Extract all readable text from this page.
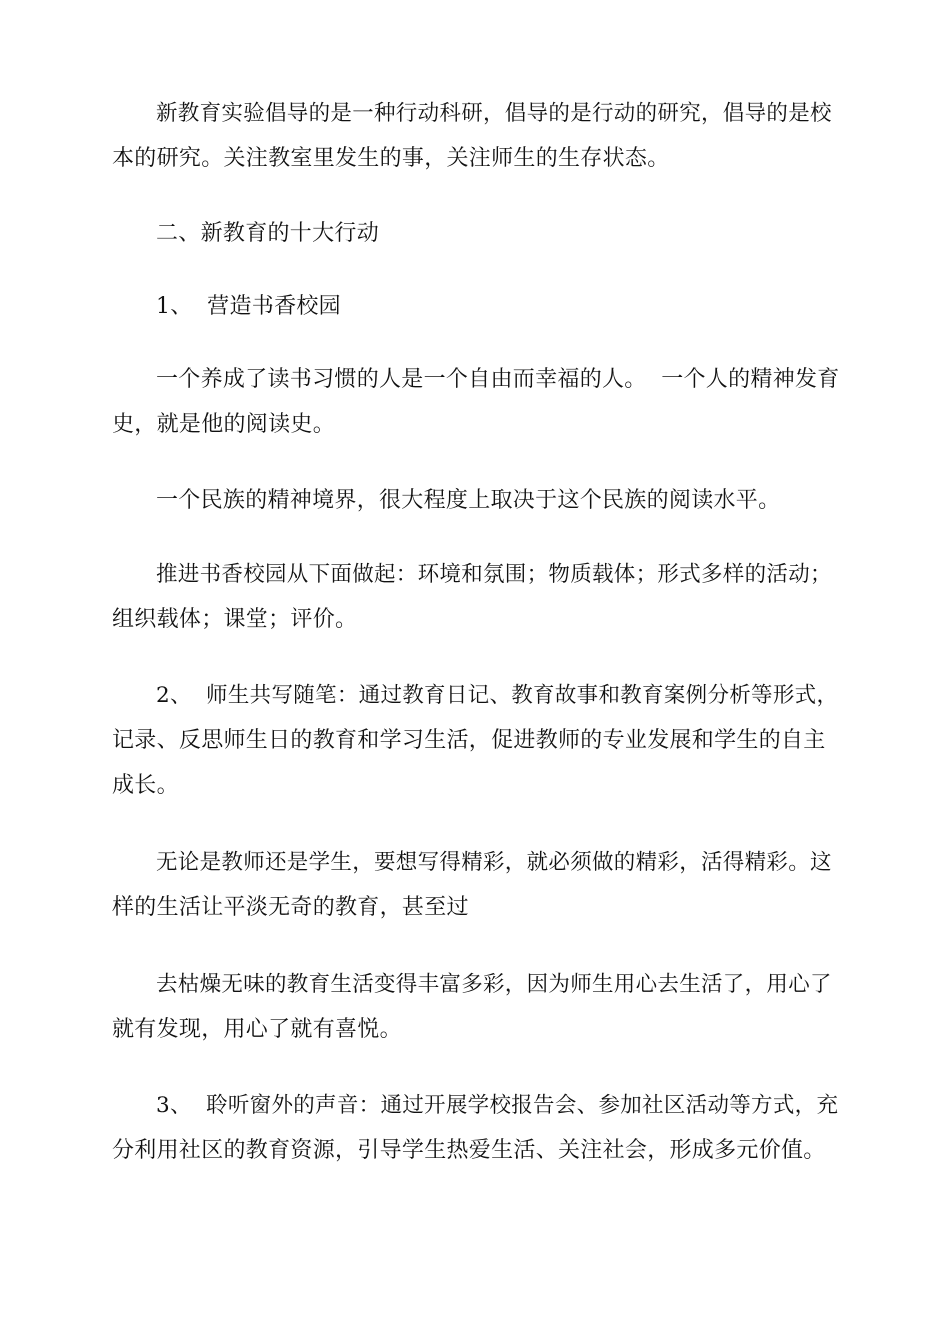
新教育实验倡导的是一种行动科研，倡导的是行动的研究，倡导的是校
本的研究。关注教室里发生的事，关注师生的生存状态。

二、新教育的十大行动

1、  营造书香校园

一个养成了读书习惯的人是一个自由而幸福的人。  一个人的精神发育
史，就是他的阅读史。

一个民族的精神境界，很大程度上取决于这个民族的阅读水平。

推进书香校园从下面做起：环境和氛围；物质载体；形式多样的活动；
组织载体；课堂；评价。

2、  师生共写随笔：通过教育日记、教育故事和教育案例分析等形式，
记录、反思师生日的教育和学习生活，促进教师的专业发展和学生的自主
成长。

无论是教师还是学生，要想写得精彩，就必须做的精彩，活得精彩。这
样的生活让平淡无奇的教育，甚至过

去枯燥无味的教育生活变得丰富多彩，因为师生用心去生活了，用心了
就有发现，用心了就有喜悦。

3、  聆听窗外的声音：通过开展学校报告会、参加社区活动等方式，充
分利用社区的教育资源，引导学生热爱生活、关注社会，形成多元价值。
